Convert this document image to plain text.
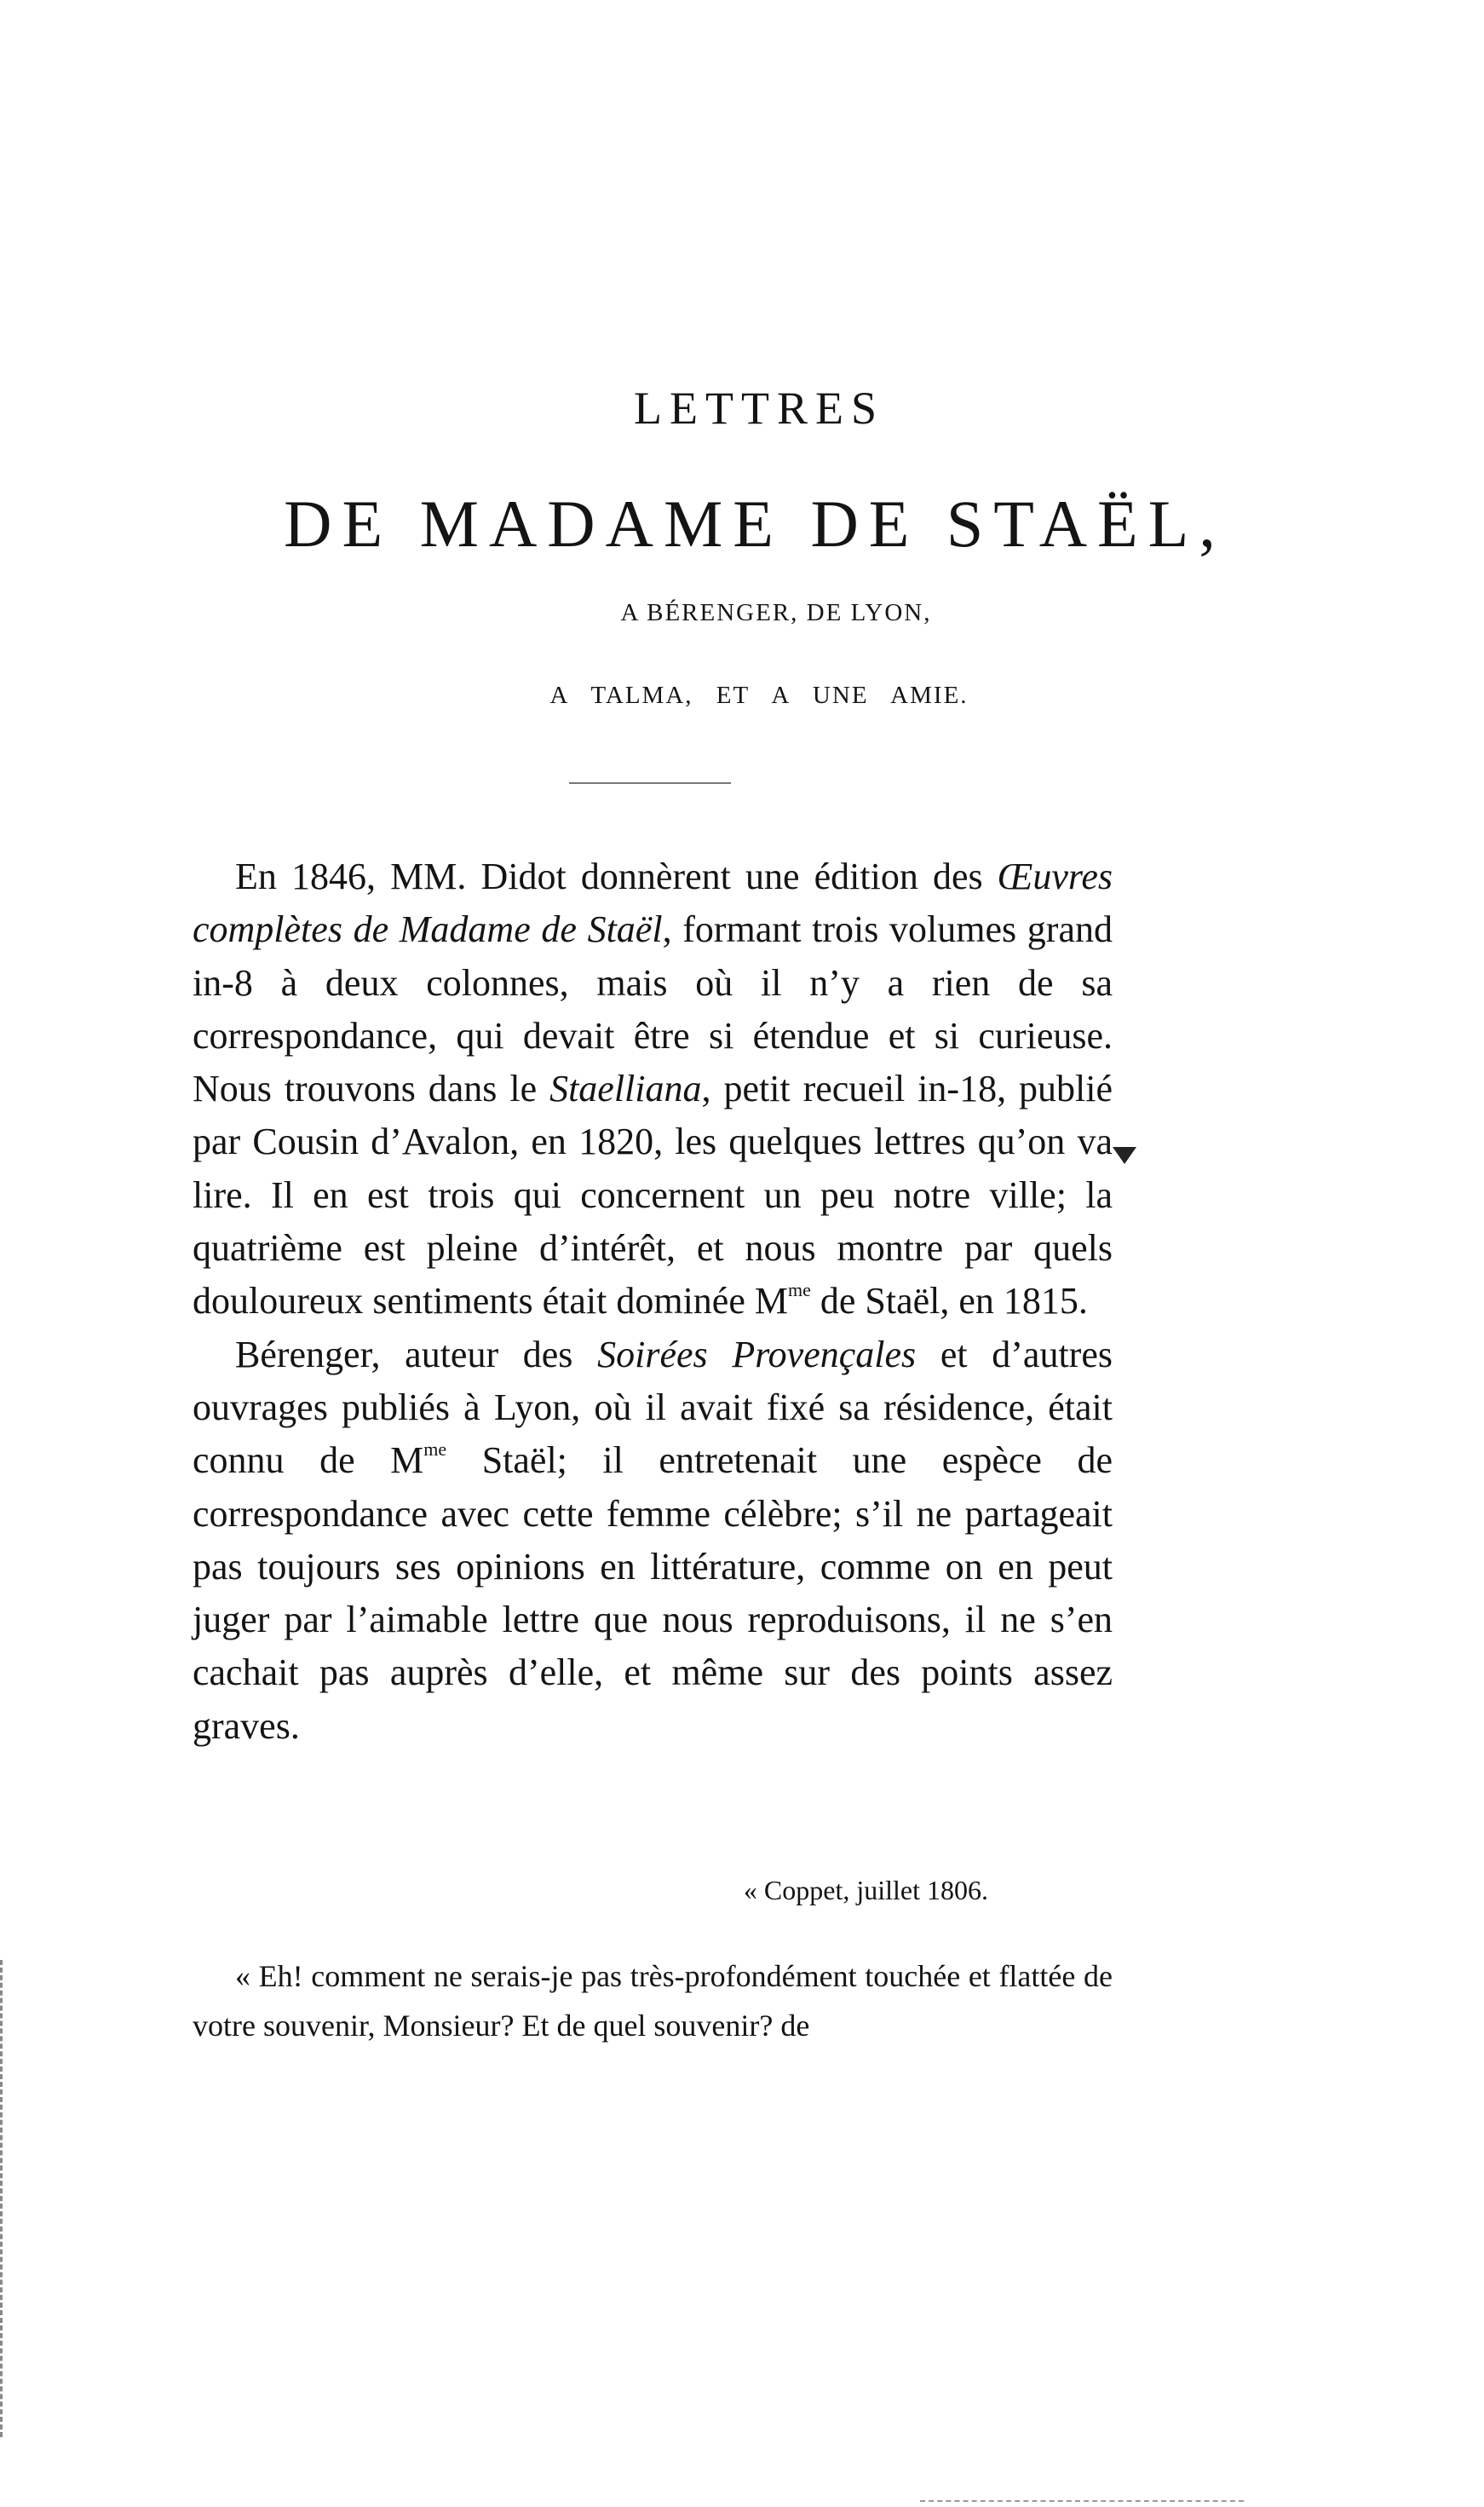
LETTRES
DE MADAME DE STAËL,
A BÉRENGER, DE LYON,
A TALMA, ET A UNE AMIE.

En 1846, MM. Didot donnèrent une édition des Œuvres complètes de Madame de Staël, formant trois volumes grand in-8 à deux colonnes, mais où il n’y a rien de sa correspondance, qui devait être si étendue et si curieuse. Nous trouvons dans le Staelliana, petit recueil in-18, publié par Cousin d’Avalon, en 1820, les quelques lettres qu’on va lire. Il en est trois qui concernent un peu notre ville; la quatrième est pleine d’intérêt, et nous montre par quels douloureux sentiments était dominée $M^{me}$ de Staël, en 1815.

Bérenger, auteur des Soirées Provençales et d’autres ouvrages publiés à Lyon, où il avait fixé sa résidence, était connu de $M^{me}$ Staël; il entretenait une espèce de correspondance avec cette femme célèbre; s’il ne partageait pas toujours ses opinions en littérature, comme on en peut juger par l’aimable lettre que nous reproduisons, il ne s’en cachait pas auprès d’elle, et même sur des points assez graves.

« Coppet, juillet 1806.

« Eh! comment ne serais-je pas très-profondément touchée et flattée de votre souvenir, Monsieur? Et de quel souvenir? de
